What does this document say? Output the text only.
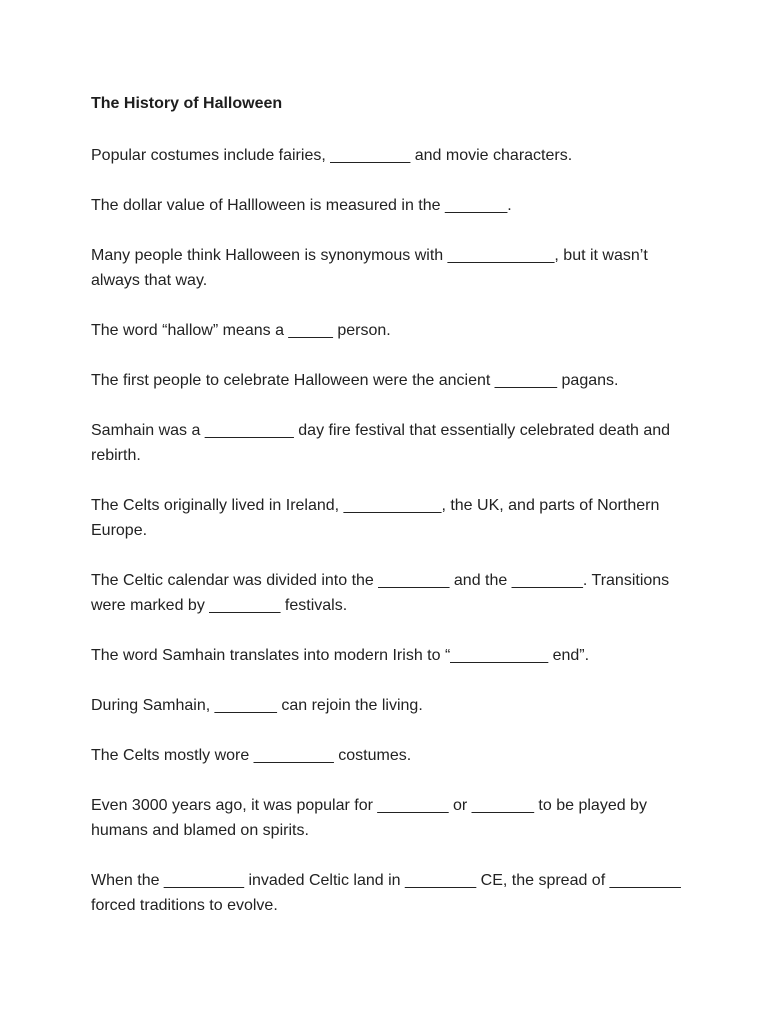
The History of Halloween

Popular costumes include fairies, _________ and movie characters.

The dollar value of Hallloween is measured in the _______.

Many people think Halloween is synonymous with ____________, but it wasn’t always that way.

The word “hallow” means a _____ person.

The first people to celebrate Halloween were the ancient _______ pagans.

Samhain was a __________ day fire festival that essentially celebrated death and rebirth.

The Celts originally lived in Ireland, ___________, the UK, and parts of Northern Europe.

The Celtic calendar was divided into the ________ and the ________. Transitions were marked by ________ festivals.

The word Samhain translates into modern Irish to “___________ end”.

During Samhain, _______ can rejoin the living.

The Celts mostly wore _________ costumes.

Even 3000 years ago, it was popular for ________ or _______ to be played by humans and blamed on spirits.

When the _________ invaded Celtic land in ________ CE, the spread of ________ forced traditions to evolve.
